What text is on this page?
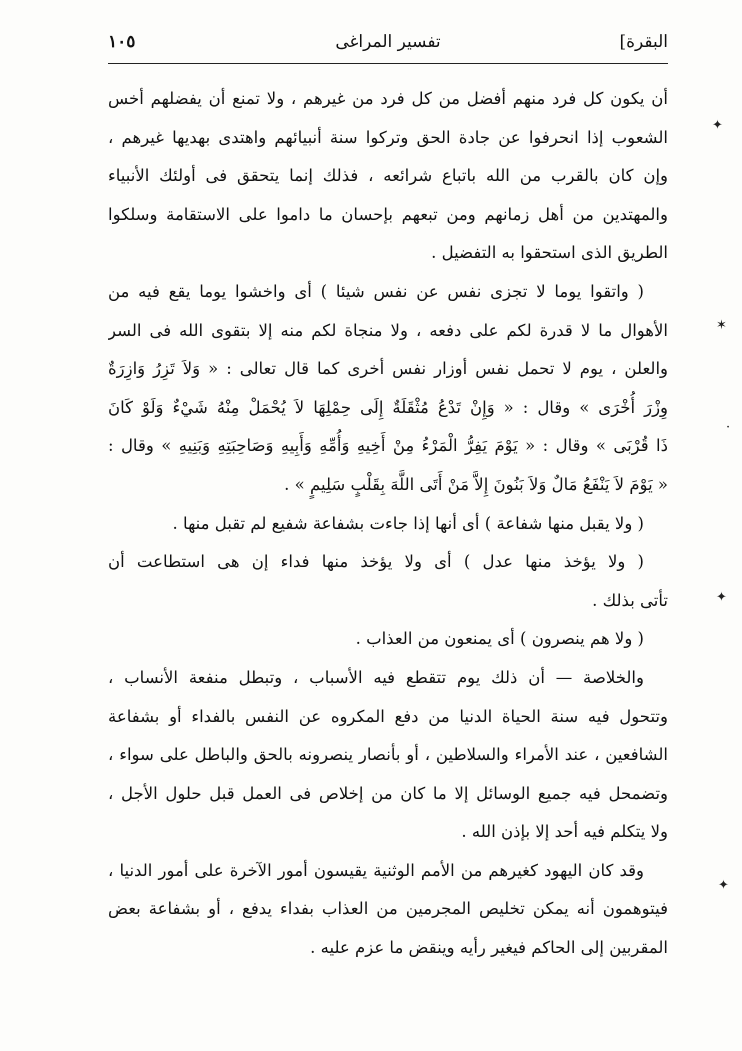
البقرة]
تفسير المراغى
١٠٥
أن يكون كل فرد منهم أفضل من كل فرد من غيرهم ، ولا تمنع أن يفضلهم أخس
الشعوب إذا انحرفوا عن جادة الحق وتركوا سنة أنبيائهم واهتدى بهديها غيرهم ،
وإن كان بالقرب من الله باتباع شرائعه ، فذلك إنما يتحقق فى أولئك الأنبياء
والمهتدين من أهل زمانهم ومن تبعهم بإحسان ما داموا على الاستقامة وسلكوا
الطريق الذى استحقوا به التفضيل .
( واتقوا يوما لا تجزى نفس عن نفس شيئا ) أى واخشوا يوما يقع فيه من
الأهوال ما لا قدرة لكم على دفعه ، ولا منجاة لكم منه إلا بتقوى الله فى السر
والعلن ، يوم لا تحمل نفس أوزار نفس أخرى كما قال تعالى : « وَلاَ تَزِرُ وَازِرَةٌ
وِزْرَ أُخْرَى » وقال : « وَإِنْ تَدْعُ مُثْقَلَةٌ إِلَى حِمْلِهَا لاَ يُحْمَلْ مِنْهُ شَيْءٌ وَلَوْ كَانَ
ذَا قُرْبَى » وقال : « يَوْمَ يَفِرُّ الْمَرْءُ مِنْ أَخِيهِ وَأُمِّهِ وَأَبِيهِ وَصَاحِبَتِهِ وَبَنِيهِ » وقال :
« يَوْمَ لاَ يَنْفَعُ مَالٌ وَلاَ بَنُونَ إِلاَّ مَنْ أَتَى اللَّهَ بِقَلْبٍ سَلِيمٍ » .
( ولا يقبل منها شفاعة ) أى أنها إذا جاءت بشفاعة شفيع لم تقبل منها .
( ولا يؤخذ منها عدل ) أى ولا يؤخذ منها فداء إن هى استطاعت أن
تأتى بذلك .
( ولا هم ينصرون ) أى يمنعون من العذاب .
والخلاصة — أن ذلك يوم تتقطع فيه الأسباب ، وتبطل منفعة الأنساب ،
وتتحول فيه سنة الحياة الدنيا من دفع المكروه عن النفس بالفداء أو بشفاعة
الشافعين ، عند الأمراء والسلاطين ، أو بأنصار ينصرونه بالحق والباطل على سواء ،
وتضمحل فيه جميع الوسائل إلا ما كان من إخلاص فى العمل قبل حلول الأجل ،
ولا يتكلم فيه أحد إلا بإذن الله .
وقد كان اليهود كغيرهم من الأمم الوثنية يقيسون أمور الآخرة على أمور الدنيا ،
فيتوهمون أنه يمكن تخليص المجرمين من العذاب بفداء يدفع ، أو بشفاعة بعض
المقربين إلى الحاكم فيغير رأيه وينقض ما عزم عليه .
✦
✶
·
✦
✦
